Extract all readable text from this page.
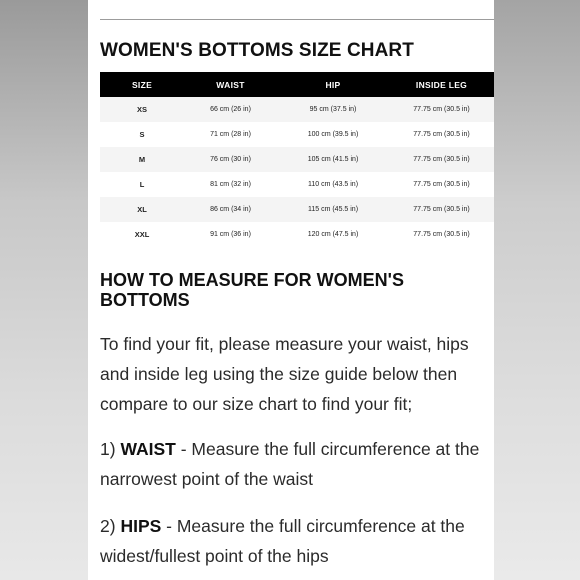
WOMEN'S BOTTOMS SIZE CHART
SIZE	WAIST	HIP	INSIDE LEG
XS	66 cm (26 in)	95 cm (37.5 in)	77.75 cm (30.5 in)
S	71 cm (28 in)	100 cm (39.5 in)	77.75 cm (30.5 in)
M	76 cm (30 in)	105 cm (41.5 in)	77.75 cm (30.5 in)
L	81 cm (32 in)	110 cm (43.5 in)	77.75 cm (30.5 in)
XL	86 cm (34 in)	115 cm (45.5 in)	77.75 cm (30.5 in)
XXL	91 cm (36 in)	120 cm (47.5 in)	77.75 cm (30.5 in)
HOW TO MEASURE FOR WOMEN'S BOTTOMS

To find your fit, please measure your waist, hips and inside leg using the size guide below then compare to our size chart to find your fit;

1) WAIST - Measure the full circumference at the narrowest point of the waist

2) HIPS - Measure the full circumference at the widest/fullest point of the hips
